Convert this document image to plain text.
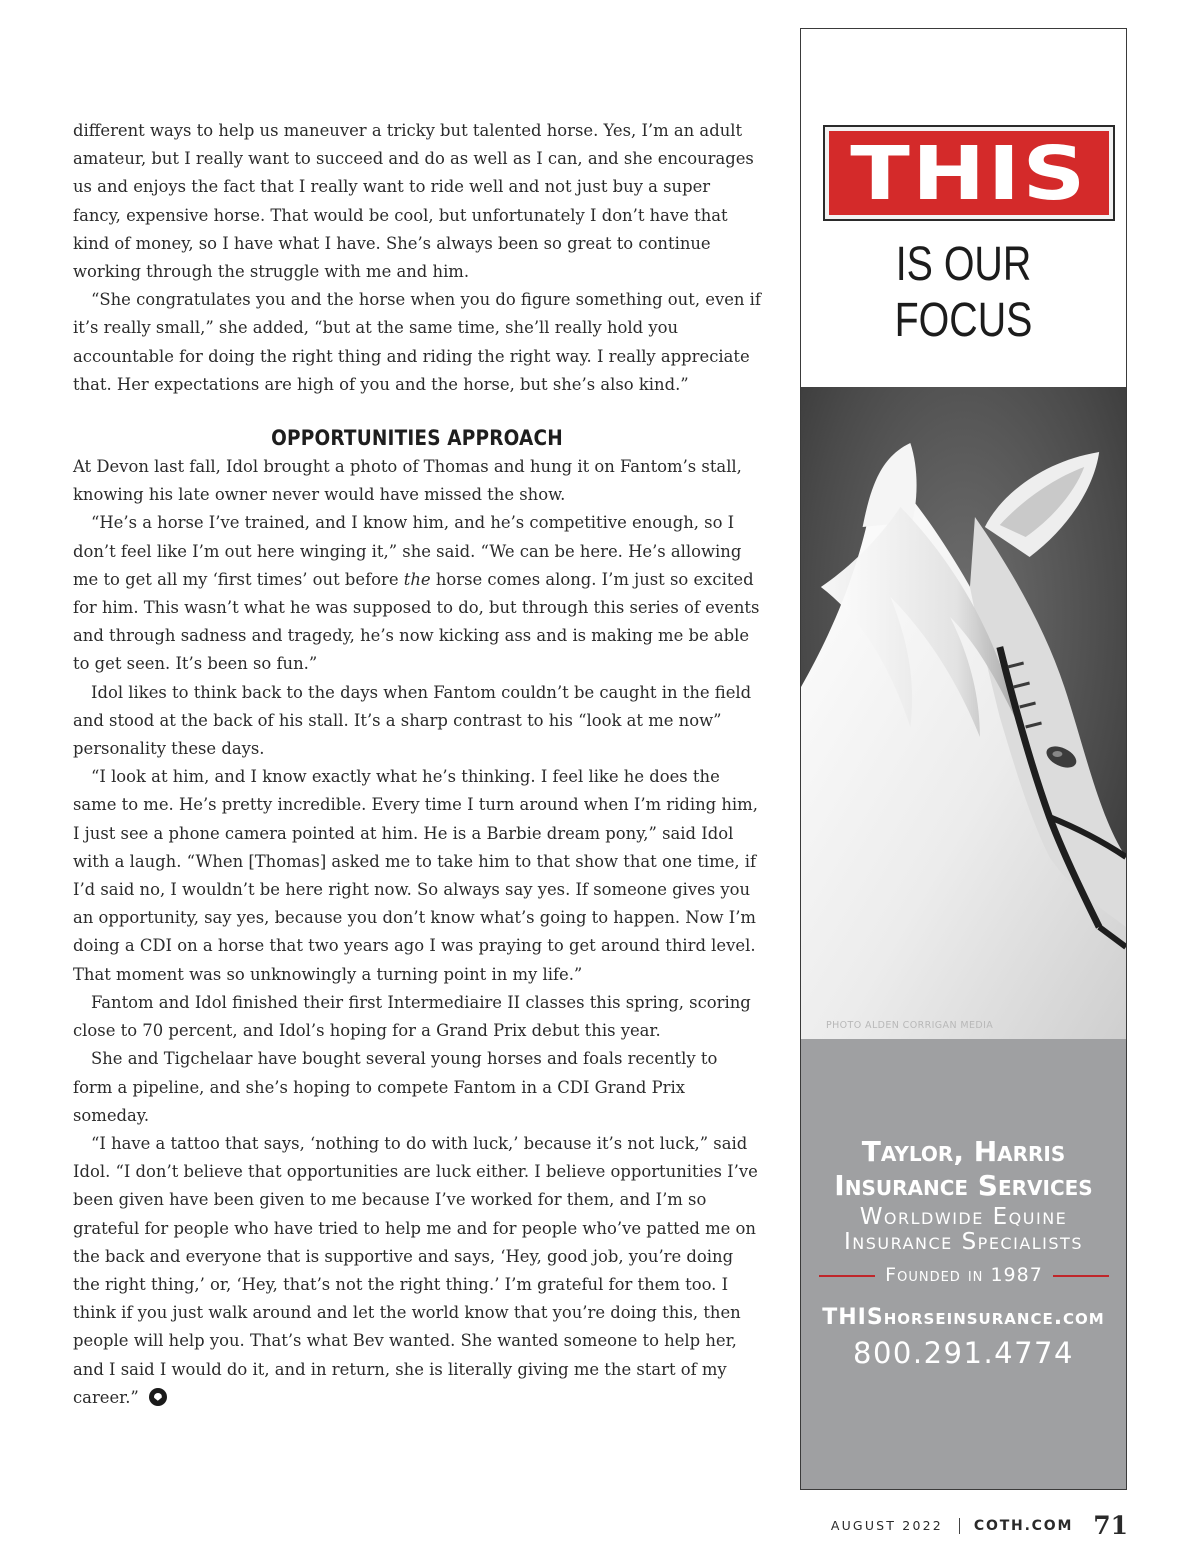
different ways to help us maneuver a tricky but talented horse. Yes, I’m an adult amateur, but I really want to succeed and do as well as I can, and she encourages us and enjoys the fact that I really want to ride well and not just buy a super fancy, expensive horse. That would be cool, but unfortunately I don’t have that kind of money, so I have what I have. She’s always been so great to continue working through the struggle with me and him.

“She congratulates you and the horse when you do figure something out, even if it’s really small,” she added, “but at the same time, she’ll really hold you accountable for doing the right thing and riding the right way. I really appreciate that. Her expectations are high of you and the horse, but she’s also kind.”

OPPORTUNITIES APPROACH

At Devon last fall, Idol brought a photo of Thomas and hung it on Fantom’s stall, knowing his late owner never would have missed the show.

“He’s a horse I’ve trained, and I know him, and he’s competitive enough, so I don’t feel like I’m out here winging it,” she said. “We can be here. He’s allowing me to get all my ‘first times’ out before the horse comes along. I’m just so excited for him. This wasn’t what he was supposed to do, but through this series of events and through sadness and tragedy, he’s now kicking ass and is making me be able to get seen. It’s been so fun.”

Idol likes to think back to the days when Fantom couldn’t be caught in the field and stood at the back of his stall. It’s a sharp contrast to his “look at me now” personality these days.

“I look at him, and I know exactly what he’s thinking. I feel like he does the same to me. He’s pretty incredible. Every time I turn around when I’m riding him, I just see a phone camera pointed at him. He is a Barbie dream pony,” said Idol with a laugh. “When [Thomas] asked me to take him to that show that one time, if I’d said no, I wouldn’t be here right now. So always say yes. If someone gives you an opportunity, say yes, because you don’t know what’s going to happen. Now I’m doing a CDI on a horse that two years ago I was praying to get around third level. That moment was so unknowingly a turning point in my life.”

Fantom and Idol finished their first Intermediaire II classes this spring, scoring close to 70 percent, and Idol’s hoping for a Grand Prix debut this year.

She and Tigchelaar have bought several young horses and foals recently to form a pipeline, and she’s hoping to compete Fantom in a CDI Grand Prix someday.

“I have a tattoo that says, ‘nothing to do with luck,’ because it’s not luck,” said Idol. “I don’t believe that opportunities are luck either. I believe opportunities I’ve been given have been given to me because I’ve worked for them, and I’m so grateful for people who have tried to help me and for people who’ve patted me on the back and everyone that is supportive and says, ‘Hey, good job, you’re doing the right thing,’ or, ‘Hey, that’s not the right thing.’ I’m grateful for them too. I think if you just walk around and let the world know that you’re doing this, then people will help you. That’s what Bev wanted. She wanted someone to help her, and I said I would do it, and in return, she is literally giving me the start of my career.”

THIS
IS OUR FOCUS
PHOTO ALDEN CORRIGAN MEDIA
Taylor, Harris
Insurance Services
Worldwide Equine
Insurance Specialists
Founded in 1987
THIShorseinsurance.com
800.291.4774
AUGUST 2022 COTH.COM 71
